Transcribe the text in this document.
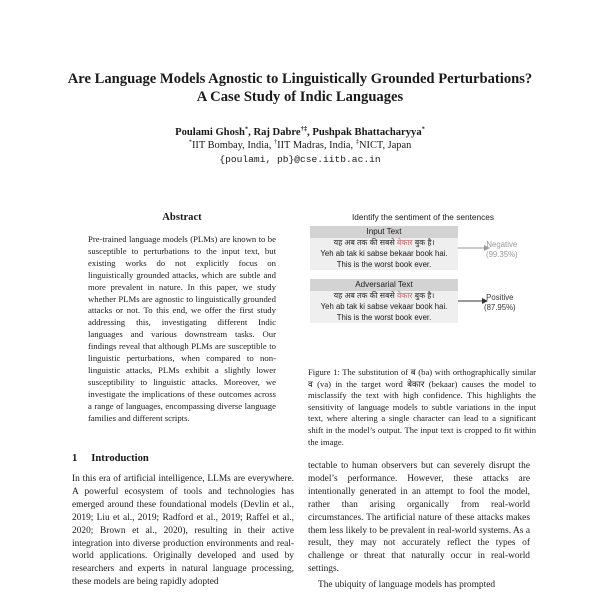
Are Language Models Agnostic to Linguistically Grounded Perturbations?
A Case Study of Indic Languages
Poulami Ghosh*, Raj Dabre†‡, Pushpak Bhattacharyya*
*IIT Bombay, India, †IIT Madras, India, ‡NICT, Japan
{poulami, pb}@cse.iitb.ac.in
Abstract
Pre-trained language models (PLMs) are known to be susceptible to perturbations to the input text, but existing works do not explicitly focus on linguistically grounded attacks, which are subtle and more prevalent in nature. In this paper, we study whether PLMs are agnostic to linguistically grounded attacks or not. To this end, we offer the first study addressing this, investigating different Indic languages and various downstream tasks. Our findings reveal that although PLMs are susceptible to linguistic perturbations, when compared to non-linguistic attacks, PLMs exhibit a slightly lower susceptibility to linguistic attacks. Moreover, we investigate the implications of these outcomes across a range of languages, encompassing diverse language families and different scripts.
Identify the sentiment of the sentences
Input Text
यह अब तक की सबसे बेकार बुक है।
Yeh ab tak ki sabse bekaar book hai.
This is the worst book ever.
Adversarial Text
यह अब तक की सबसे वेकार बुक है।
Yeh ab tak ki sabse vekaar book hai.
This is the worst book ever.
Negative
(99.35%)
Positive
(87.95%)
Figure 1: The substitution of ब (ba) with orthographically similar व (va) in the target word बेकार (bekaar) causes the model to misclassify the text with high confidence. This highlights the sensitivity of language models to subtle variations in the input text, where altering a single character can lead to a significant shift in the model’s output. The input text is cropped to fit within the image.
1 Introduction
In this era of artificial intelligence, LLMs are everywhere. A powerful ecosystem of tools and technologies has emerged around these foundational models (Devlin et al., 2019; Liu et al., 2019; Radford et al., 2019; Raffel et al., 2020; Brown et al., 2020), resulting in their active integration into diverse production environments and real-world applications. Originally developed and used by researchers and experts in natural language processing, these models are being rapidly adopted

tectable to human observers but can severely disrupt the model’s performance. However, these attacks are intentionally generated in an attempt to fool the model, rather than arising organically from real-world circumstances. The artificial nature of these attacks makes them less likely to be prevalent in real-world systems. As a result, they may not accurately reflect the types of challenge or threat that naturally occur in real-world settings.

The ubiquity of language models has prompted
